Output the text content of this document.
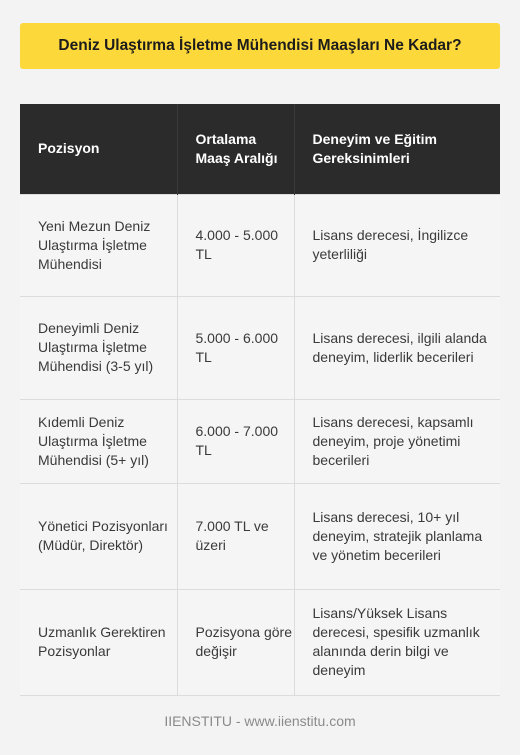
Deniz Ulaştırma İşletme Mühendisi Maaşları Ne Kadar?
Pozisyon	Ortalama Maaş Aralığı	Deneyim ve Eğitim Gereksinimleri
Yeni Mezun Deniz Ulaştırma İşletme Mühendisi	4.000 - 5.000 TL	Lisans derecesi, İngilizce yeterliliği
Deneyimli Deniz Ulaştırma İşletme Mühendisi (3-5 yıl)	5.000 - 6.000 TL	Lisans derecesi, ilgili alanda deneyim, liderlik becerileri
Kıdemli Deniz Ulaştırma İşletme Mühendisi (5+ yıl)	6.000 - 7.000 TL	Lisans derecesi, kapsamlı deneyim, proje yönetimi becerileri
Yönetici Pozisyonları (Müdür, Direktör)	7.000 TL ve üzeri	Lisans derecesi, 10+ yıl deneyim, stratejik planlama ve yönetim becerileri
Uzmanlık Gerektiren Pozisyonlar	Pozisyona göre değişir	Lisans/Yüksek Lisans derecesi, spesifik uzmanlık alanında derin bilgi ve deneyim
IIENSTITU - www.iienstitu.com
